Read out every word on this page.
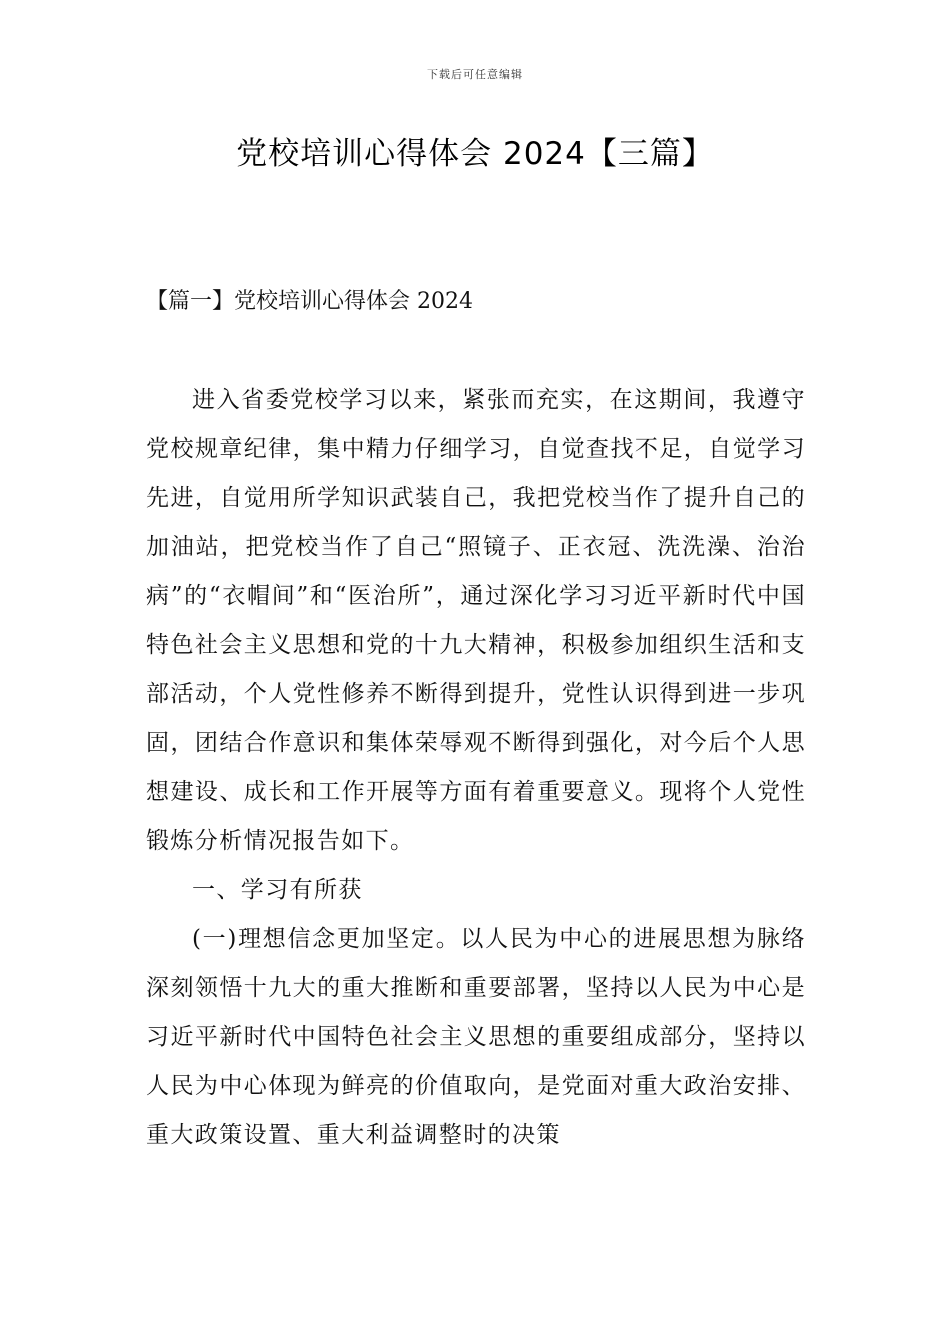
下载后可任意编辑
党校培训心得体会 2024【三篇】
【篇一】党校培训心得体会 2024

进入省委党校学习以来，紧张而充实，在这期间，我遵守党校规章纪律，集中精力仔细学习，自觉查找不足，自觉学习先进，自觉用所学知识武装自己，我把党校当作了提升自己的加油站，把党校当作了自己“照镜子、正衣冠、洗洗澡、治治病”的“衣帽间”和“医治所”，通过深化学习习近平新时代中国特色社会主义思想和党的十九大精神，积极参加组织生活和支部活动，个人党性修养不断得到提升，党性认识得到进一步巩固，团结合作意识和集体荣辱观不断得到强化，对今后个人思想建设、成长和工作开展等方面有着重要意义。现将个人党性锻炼分析情况报告如下。

一、学习有所获

(一)理想信念更加坚定。以人民为中心的进展思想为脉络深刻领悟十九大的重大推断和重要部署，坚持以人民为中心是习近平新时代中国特色社会主义思想的重要组成部分，坚持以人民为中心体现为鲜亮的价值取向，是党面对重大政治安排、重大政策设置、重大利益调整时的决策
